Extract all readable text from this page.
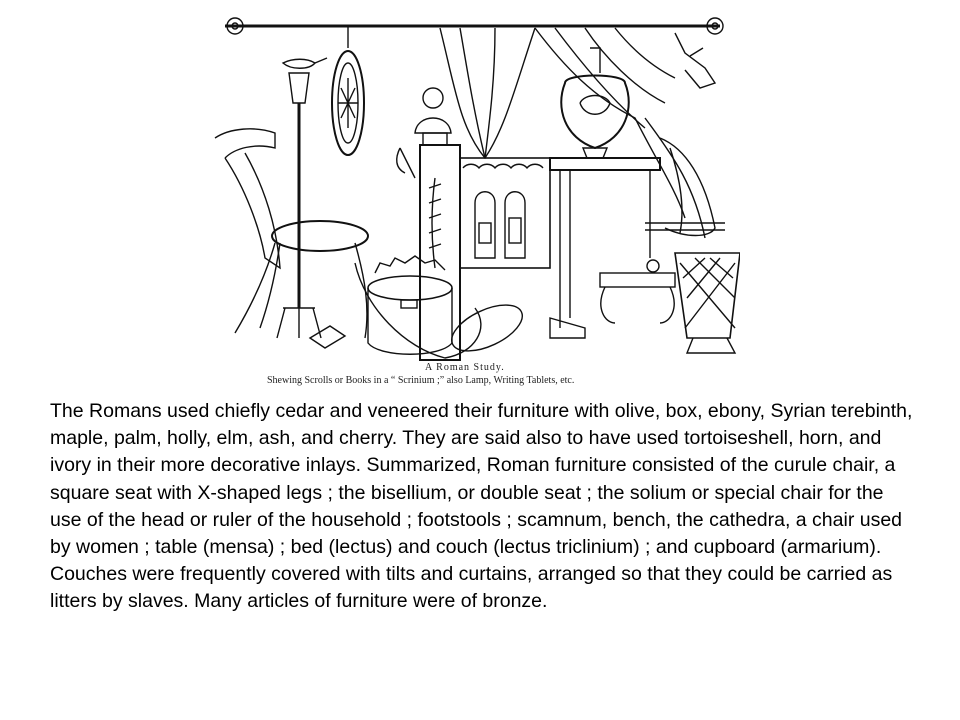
A Roman Study.
Shewing Scrolls or Books in a “ Scrinium ;” also Lamp, Writing Tablets, etc.

The Romans used chiefly cedar and veneered their furniture with olive, box, ebony, Syrian terebinth, maple, palm, holly, elm, ash, and cherry. They are said also to have used tortoiseshell, horn, and ivory in their more decorative inlays. Summarized, Roman furniture consisted of the curule chair, a square seat with X-shaped legs ; the bisellium, or double seat ; the solium or special chair for the use of the head or ruler of the household ; footstools ; scamnum, bench, the cathedra, a chair used by women ; table (mensa) ; bed (lectus) and couch (lectus triclinium) ; and cupboard (armarium). Couches were frequently covered with tilts and curtains, arranged so that they could be carried as litters by slaves. Many articles of furniture were of bronze.
